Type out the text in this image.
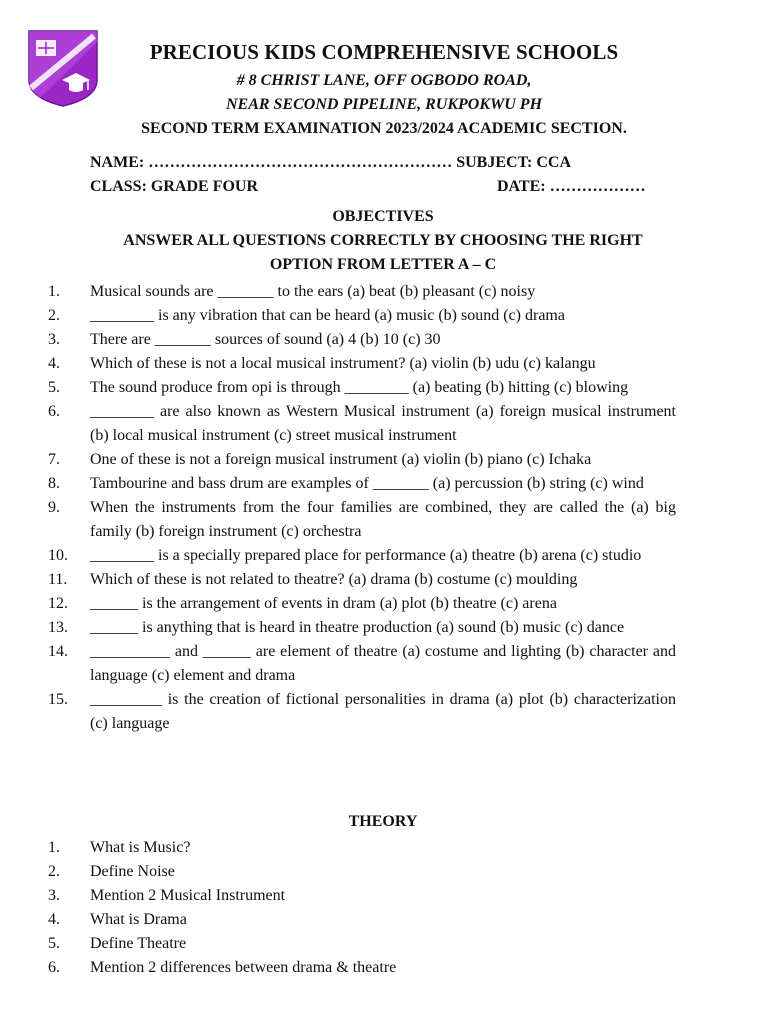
PRECIOUS KIDS COMPREHENSIVE SCHOOLS
# 8 CHRIST LANE, OFF OGBODO ROAD,
NEAR SECOND PIPELINE, RUKPOKWU PH
SECOND TERM EXAMINATION 2023/2024 ACADEMIC SECTION.
NAME: ………………………………………………… SUBJECT: CCA
CLASS: GRADE FOUR	DATE: ………………
OBJECTIVES
ANSWER ALL QUESTIONS CORRECTLY BY CHOOSING THE RIGHT
OPTION FROM LETTER A – C
1.	Musical sounds are _______ to the ears (a) beat (b) pleasant (c) noisy
2.	________ is any vibration that can be heard (a) music (b) sound (c) drama
3.	There are _______ sources of sound (a) 4 (b) 10 (c) 30
4.	Which of these is not a local musical instrument? (a) violin (b) udu (c) kalangu
5.	The sound produce from opi is through ________ (a) beating (b) hitting (c) blowing
6.	________ are also known as Western Musical instrument (a) foreign musical instrument (b) local musical instrument (c) street musical instrument
7.	One of these is not a foreign musical instrument (a) violin (b) piano (c) Ichaka
8.	Tambourine and bass drum are examples of _______ (a) percussion (b) string (c) wind
9.	When the instruments from the four families are combined, they are called the (a) big family (b) foreign instrument (c) orchestra
10.	________ is a specially prepared place for performance (a) theatre (b) arena (c) studio
11.	Which of these is not related to theatre? (a) drama (b) costume (c) moulding
12.	______ is the arrangement of events in dram (a) plot (b) theatre (c) arena
13.	______ is anything that is heard in theatre production (a) sound (b) music (c) dance
14.	__________ and ______ are element of theatre (a) costume and lighting (b) character and language (c) element and drama
15.	_________ is the creation of fictional personalities in drama (a) plot (b) characterization (c) language
THEORY
1.	What is Music?
2.	Define Noise
3.	Mention 2 Musical Instrument
4.	What is Drama
5.	Define Theatre
6.	Mention 2 differences between drama & theatre
